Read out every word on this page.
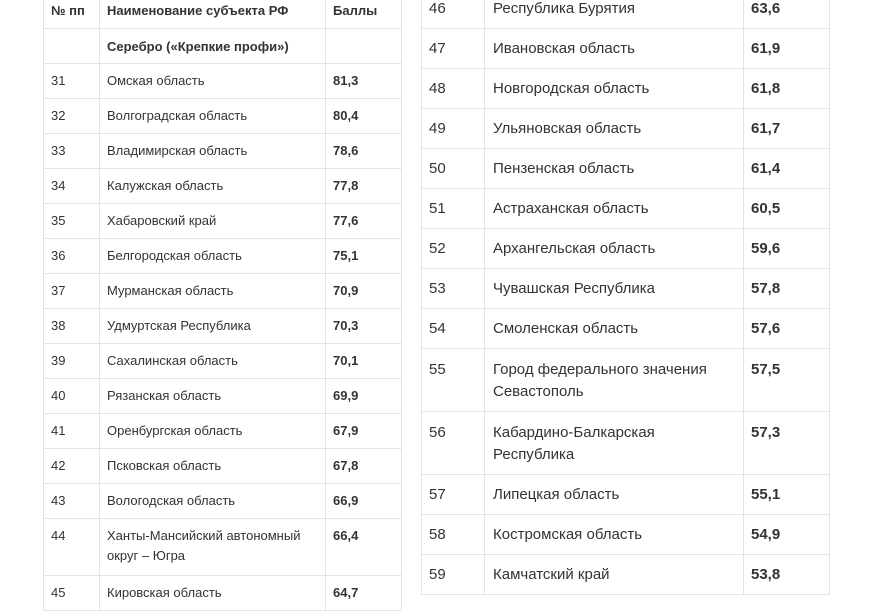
№ пп	Наименование субъекта РФ	Баллы
	Серебро («Крепкие профи»)	
31	Омская область	81,3
32	Волгоградская область	80,4
33	Владимирская область	78,6
34	Калужская область	77,8
35	Хабаровский край	77,6
36	Белгородская область	75,1
37	Мурманская область	70,9
38	Удмуртская Республика	70,3
39	Сахалинская область	70,1
40	Рязанская область	69,9
41	Оренбургская область	67,9
42	Псковская область	67,8
43	Вологодская область	66,9
44	Ханты-Мансийский автономный округ – Югра	66,4
45	Кировская область	64,7
46	Республика Бурятия	63,6
47	Ивановская область	61,9
48	Новгородская область	61,8
49	Ульяновская область	61,7
50	Пензенская область	61,4
51	Астраханская область	60,5
52	Архангельская область	59,6
53	Чувашская Республика	57,8
54	Смоленская область	57,6
55	Город федерального значения Севастополь	57,5
56	Кабардино-Балкарская Республика	57,3
57	Липецкая область	55,1
58	Костромская область	54,9
59	Камчатский край	53,8
